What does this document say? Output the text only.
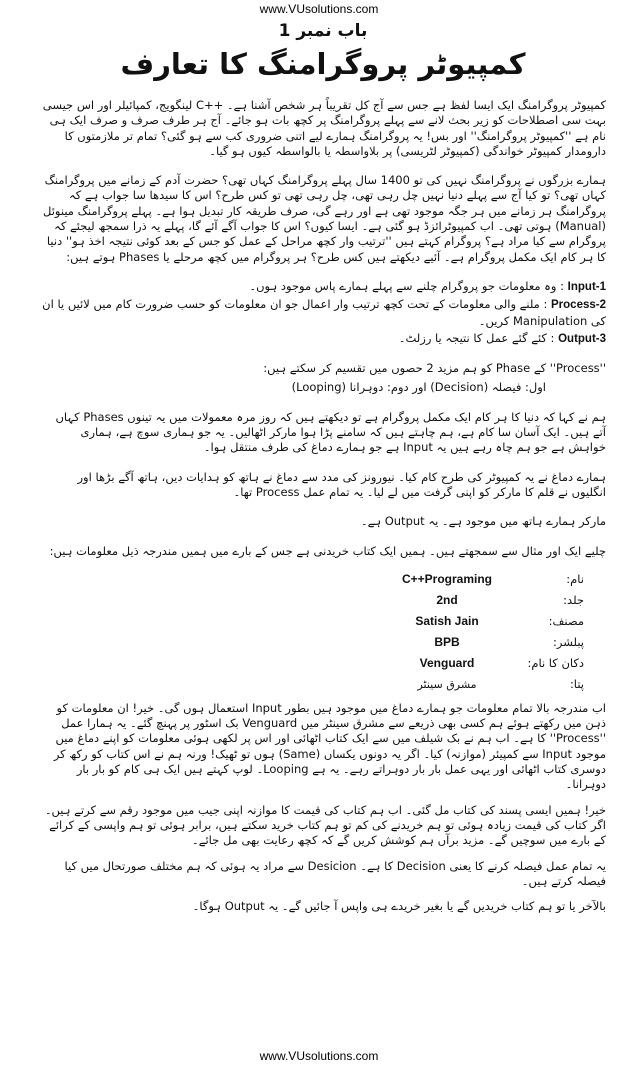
www.VUsolutions.com
باب نمبر 1
کمپیوٹر پروگرامنگ کا تعارف

کمپیوٹر پروگرامنگ ایک ایسا لفظ ہے جس سے آج کل تقریباً ہر شخص آشنا ہے۔ ++C لینگویج، کمپائیلر اور اس جیسی بہت سی اصطلاحات کو زیر بحث لانے سے پہلے پروگرامنگ پر کچھ بات ہو جائے۔ آج ہر طرف صرف و صرف ایک ہی نام ہے ''کمپیوٹر پروگرامنگ'' اور بس! یہ پروگرامنگ ہمارے لیے اتنی ضروری کب سے ہو گئی؟ تمام تر ملازمتوں کا دارومدار کمپیوٹر خواندگی (کمپیوٹر لٹریسی) پر بلاواسطہ یا بالواسطہ کیوں ہو گیا۔

ہمارے بزرگوں نے پروگرامنگ نہیں کی تو 1400 سال پہلے پروگرامنگ کہاں تھی؟ حضرت آدم کے زمانے میں پروگرامنگ کہاں تھی؟ تو کیا آج سے پہلے دنیا نہیں چل رہی تھی، چل رہی تھی تو کس طرح؟ اس کا سیدھا سا جواب ہے کہ پروگرامنگ ہر زمانے میں ہر جگہ موجود تھی ہے اور رہے گی، صرف طریقہ کار تبدیل ہوا ہے۔ پہلے پروگرامنگ مینوئل (Manual) ہوتی تھی۔ اب کمپیوٹرائزڈ ہو گئی ہے۔ ایسا کیوں؟ اس کا جواب آگے آئے گا، پہلے یہ ذرا سمجھ لیجئے کہ پروگرام سے کیا مراد ہے؟ پروگرام کہتے ہیں ''ترتیب وار کچھ مراحل کے عمل کو جس کے بعد کوئی نتیجہ اخذ ہو'' دنیا کا ہر کام ایک مکمل پروگرام ہے۔ آئیے دیکھتے ہیں کس طرح؟ ہر پروگرام میں کچھ مرحلے یا Phases ہوتے ہیں:

Input-1 : وہ معلومات جو پروگرام چلنے سے پہلے ہمارے پاس موجود ہوں۔
Process-2 : ملنے والی معلومات کے تحت کچھ ترتیب وار اعمال جو ان معلومات کو حسب ضرورت کام میں لائیں یا ان کی Manipulation کریں۔
Output-3 : کئے گئے عمل کا نتیجہ یا رزلٹ۔
''Process'' کے Phase کو ہم مزید 2 حصوں میں تقسیم کر سکتے ہیں:
اول: فیصلہ (Decision) اور دوم: دوہرانا (Looping)

ہم نے کہا کہ دنیا کا ہر کام ایک مکمل پروگرام ہے تو دیکھتے ہیں کہ روز مرہ معمولات میں یہ تینوں Phases کہاں آتے ہیں۔ ایک آسان سا کام ہے، ہم چاہتے ہیں کہ سامنے پڑا ہوا مارکر اٹھالیں۔ یہ جو ہماری سوچ ہے، ہماری خواہش ہے جو ہم چاہ رہے ہیں یہ Input ہے جو ہمارے دماغ کی طرف منتقل ہوا۔

ہمارے دماغ نے یہ کمپیوٹر کی طرح کام کیا۔ نیورونز کی مدد سے دماغ نے ہاتھ کو ہدایات دیں، ہاتھ آگے بڑھا اور انگلیوں نے قلم کا مارکر کو اپنی گرفت میں لے لیا۔ یہ تمام عمل Process تھا۔

مارکر ہمارے ہاتھ میں موجود ہے۔ یہ Output ہے۔

چلیے ایک اور مثال سے سمجھتے ہیں۔ ہمیں ایک کتاب خریدنی ہے جس کے بارے میں ہمیں مندرجہ ذیل معلومات ہیں:

نام:
C++Programing
جلد:
2nd
مصنف:
Satish Jain
پبلشر:
BPB
دکان کا نام:
Venguard
پتا:
مشرق سینٹر

اب مندرجہ بالا تمام معلومات جو ہمارے دماغ میں موجود ہیں بطور Input استعمال ہوں گی۔ خیر! ان معلومات کو ذہن میں رکھتے ہوئے ہم کسی بھی ذریعے سے مشرق سینٹر میں Venguard بک اسٹور پر پہنچ گئے۔ یہ ہمارا عمل ''Process'' کا ہے۔ اب ہم نے بک شیلف میں سے ایک کتاب اٹھائی اور اس پر لکھی ہوئی معلومات کو اپنے دماغ میں موجود Input سے کمپیئر (موازنہ) کیا۔ اگر یہ دونوں یکساں (Same) ہوں تو ٹھیک! ورنہ ہم نے اس کتاب کو رکھ کر دوسری کتاب اٹھائی اور یہی عمل بار بار دوہراتے رہے۔ یہ ہے Looping۔ لوپ کہتے ہیں ایک ہی کام کو بار بار دوہرانا۔

خیر! ہمیں ایسی پسند کی کتاب مل گئی۔ اب ہم کتاب کی قیمت کا موازنہ اپنی جیب میں موجود رقم سے کرتے ہیں۔ اگر کتاب کی قیمت زیادہ ہوئی تو ہم خریدنے کی کم تو ہم کتاب خرید سکتے ہیں، برابر ہوئی تو ہم واپسی کے کرائے کے بارے میں سوچیں گے۔ مزید برآں ہم کوشش کریں گے کہ کچھ رعایت بھی مل جائے۔

یہ تمام عمل فیصلہ کرنے کا یعنی Decision کا ہے۔ Desicion سے مراد یہ ہوئی کہ ہم مختلف صورتحال میں کیا فیصلہ کرتے ہیں۔

بالآخر یا تو ہم کتاب خریدیں گے یا بغیر خریدے ہی واپس آ جائیں گے۔ یہ Output ہوگا۔

www.VUsolutions.com
